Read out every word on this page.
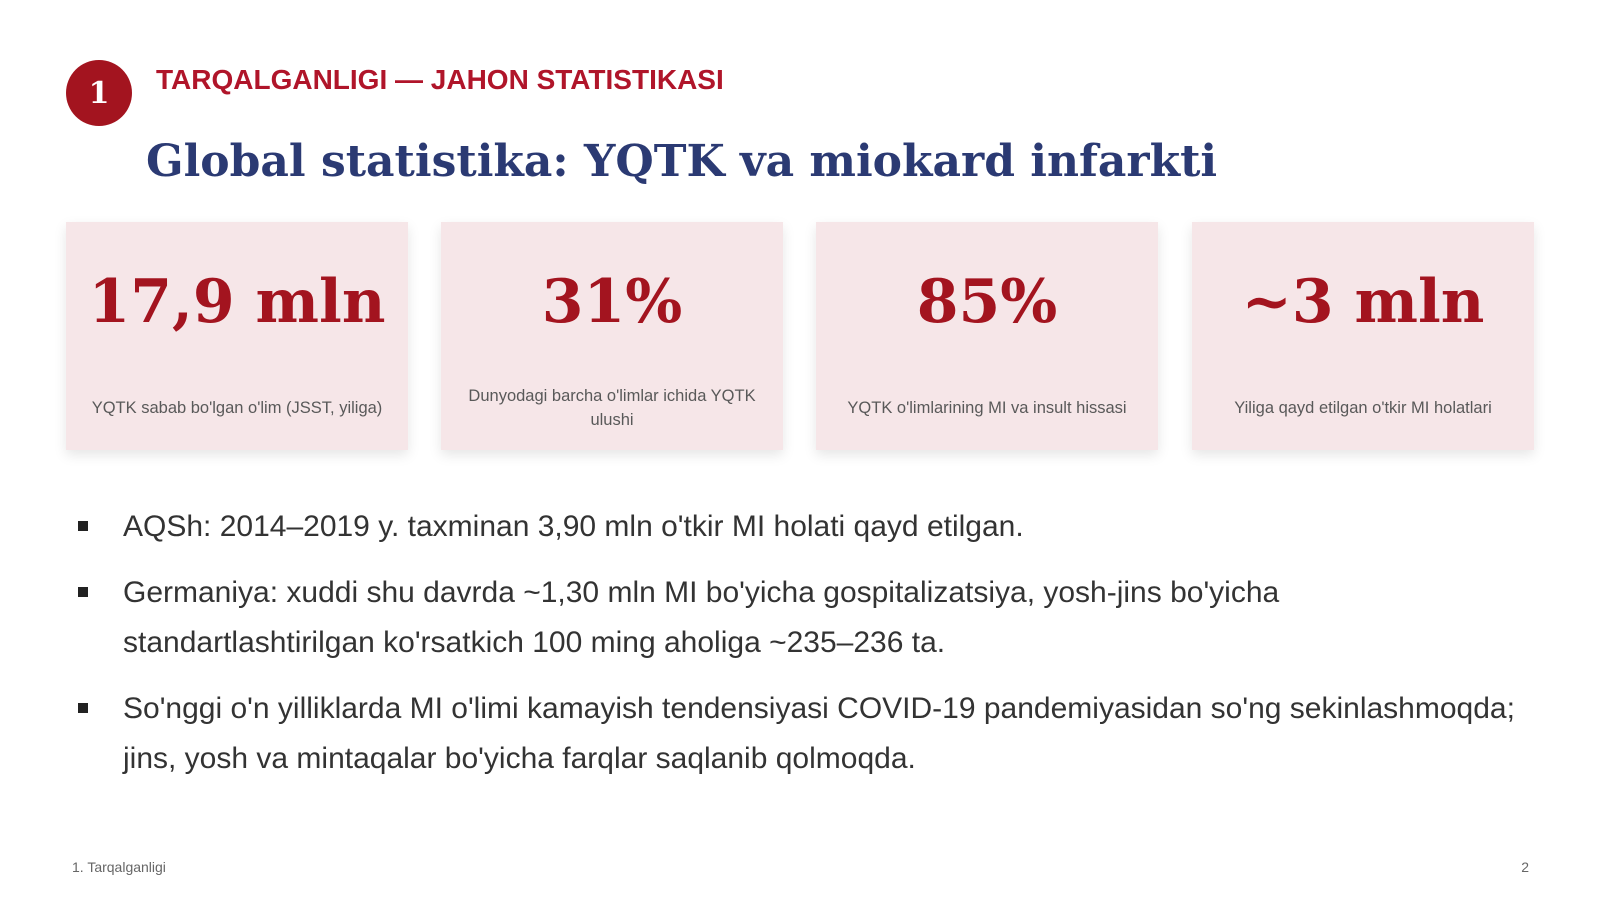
1 TARQALGANLIGI — JAHON STATISTIKASI
Global statistika: YQTK va miokard infarkti
17,9 mln
YQTK sabab bo'lgan o'lim (JSST, yiliga)
31%
Dunyodagi barcha o'limlar ichida YQTK ulushi
85%
YQTK o'limlarining MI va insult hissasi
~3 mln
Yiliga qayd etilgan o'tkir MI holatlari
AQSh: 2014–2019 y. taxminan 3,90 mln o'tkir MI holati qayd etilgan.
Germaniya: xuddi shu davrda ~1,30 mln MI bo'yicha gospitalizatsiya, yosh-jins bo'yicha standartlashtirilgan ko'rsatkich 100 ming aholiga ~235–236 ta.
So'nggi o'n yilliklarda MI o'limi kamayish tendensiyasi COVID-19 pandemiyasidan so'ng sekinlashmoqda; jins, yosh va mintaqalar bo'yicha farqlar saqlanib qolmoqda.
1. Tarqalganligi	2
